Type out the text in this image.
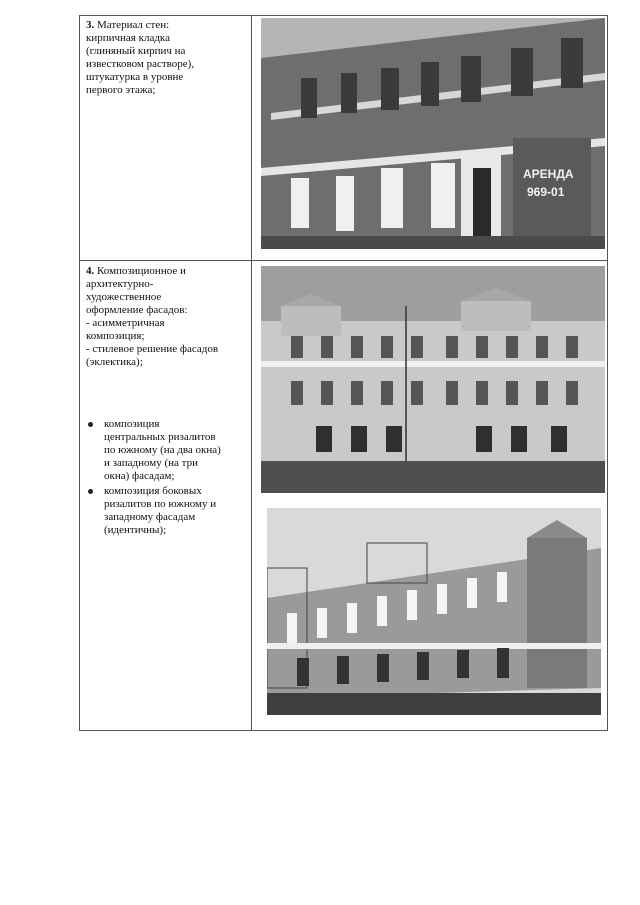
3. Материал стен:
кирпичная кладка
(глиняный кирпич на
известковом растворе),
штукатурка в уровне
первого этажа;
АРЕНДА
969-01
4. Композиционное и
архитектурно-
художественное
оформление фасадов:
- асимметричная
композиция;
- стилевое решение фасадов
(эклектика);
композиция
центральных ризалитов
по южному (на два окна)
и западному (на три
окна) фасадам;
композиция боковых
ризалитов по южному и
западному фасадам
(идентичны);
